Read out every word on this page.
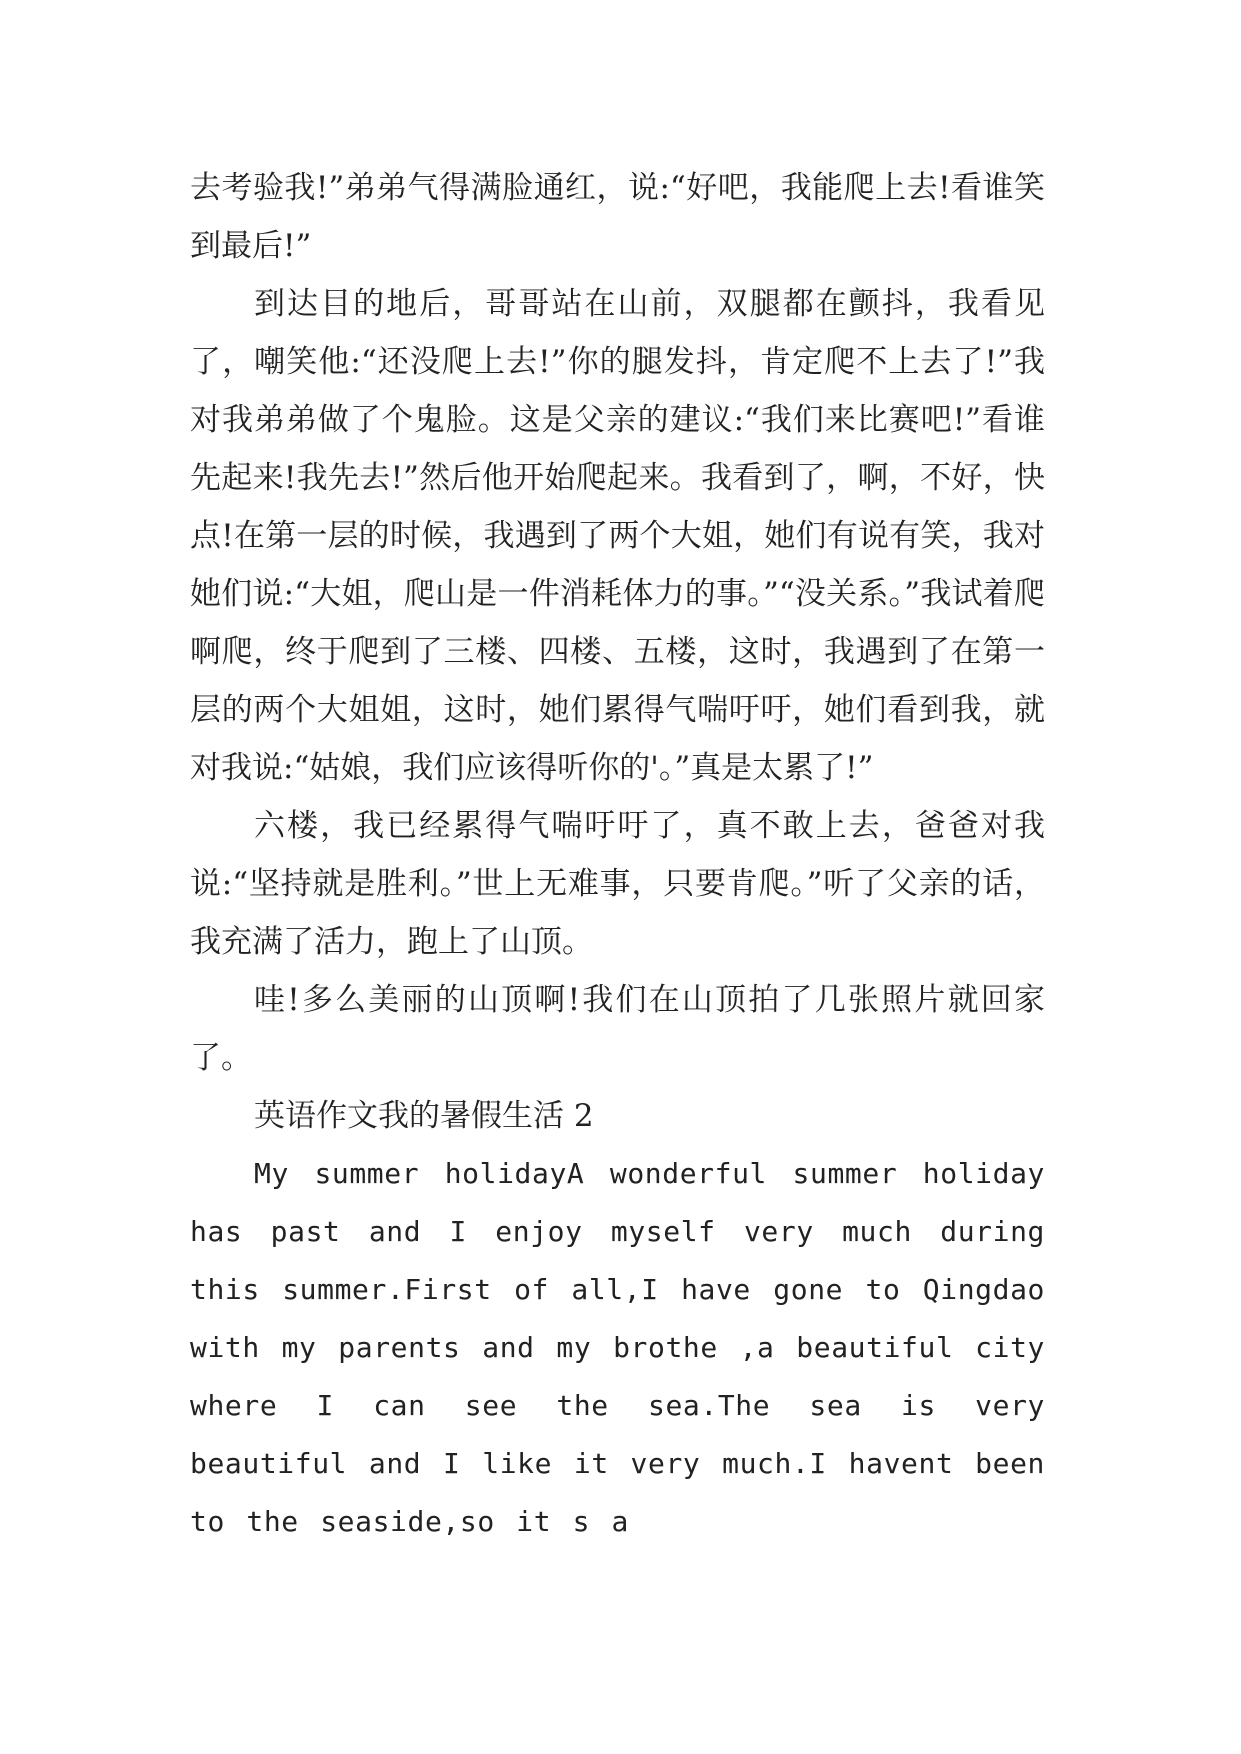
去考验我!”弟弟气得满脸通红，说:“好吧，我能爬上去!看谁笑到最后!”

到达目的地后，哥哥站在山前，双腿都在颤抖，我看见了，嘲笑他:“还没爬上去!”你的腿发抖，肯定爬不上去了!”我对我弟弟做了个鬼脸。这是父亲的建议:“我们来比赛吧!”看谁先起来!我先去!”然后他开始爬起来。我看到了，啊，不好，快点!在第一层的时候，我遇到了两个大姐，她们有说有笑，我对她们说:“大姐，爬山是一件消耗体力的事。”“没关系。”我试着爬啊爬，终于爬到了三楼、四楼、五楼，这时，我遇到了在第一层的两个大姐姐，这时，她们累得气喘吁吁，她们看到我，就对我说:“姑娘，我们应该得听你的'。”真是太累了!”

六楼，我已经累得气喘吁吁了，真不敢上去，爸爸对我说:“坚持就是胜利。”世上无难事，只要肯爬。”听了父亲的话，我充满了活力，跑上了山顶。

哇!多么美丽的山顶啊!我们在山顶拍了几张照片就回家了。

英语作文我的暑假生活 2

My summer holidayA wonderful summer holiday has past and I enjoy myself very much during this summer.First of all,I have gone to Qingdao with my parents and my brothe ,a beautiful city where I can see the sea.The sea is very beautiful and I like it very much.I havent been to the seaside,so it s a
